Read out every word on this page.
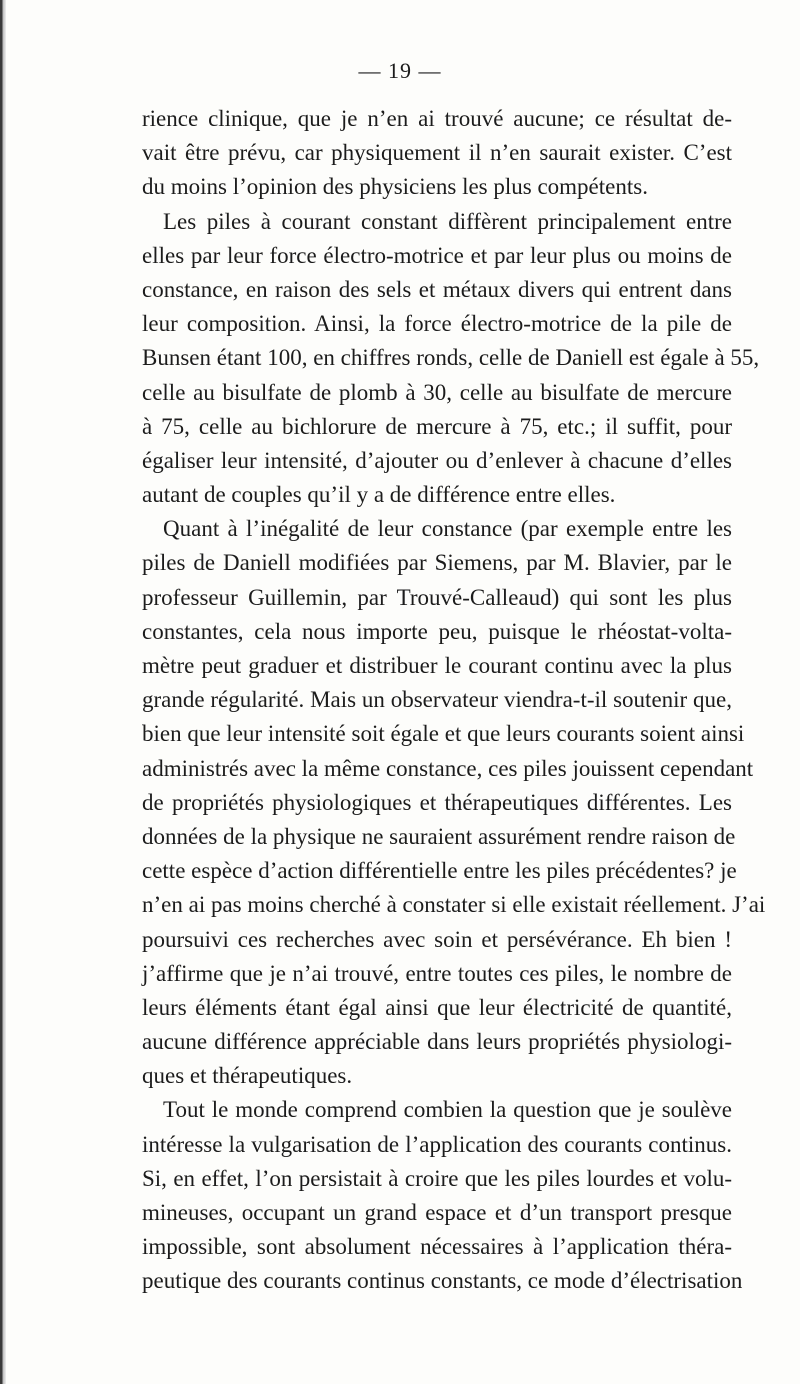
— 19 —
rience clinique, que je n’en ai trouvé aucune; ce résultat de-
vait être prévu, car physiquement il n’en saurait exister. C’est
du moins l’opinion des physiciens les plus compétents.
Les piles à courant constant diffèrent principalement entre
elles par leur force électro-motrice et par leur plus ou moins de
constance, en raison des sels et métaux divers qui entrent dans
leur composition. Ainsi, la force électro-motrice de la pile de
Bunsen étant 100, en chiffres ronds, celle de Daniell est égale à 55,
celle au bisulfate de plomb à 30, celle au bisulfate de mercure
à 75, celle au bichlorure de mercure à 75, etc.; il suffit, pour
égaliser leur intensité, d’ajouter ou d’enlever à chacune d’elles
autant de couples qu’il y a de différence entre elles.
Quant à l’inégalité de leur constance (par exemple entre les
piles de Daniell modifiées par Siemens, par M. Blavier, par le
professeur Guillemin, par Trouvé-Calleaud) qui sont les plus
constantes, cela nous importe peu, puisque le rhéostat-volta-
mètre peut graduer et distribuer le courant continu avec la plus
grande régularité. Mais un observateur viendra-t-il soutenir que,
bien que leur intensité soit égale et que leurs courants soient ainsi
administrés avec la même constance, ces piles jouissent cependant
de propriétés physiologiques et thérapeutiques différentes. Les
données de la physique ne sauraient assurément rendre raison de
cette espèce d’action différentielle entre les piles précédentes? je
n’en ai pas moins cherché à constater si elle existait réellement. J’ai
poursuivi ces recherches avec soin et persévérance. Eh bien !
j’affirme que je n’ai trouvé, entre toutes ces piles, le nombre de
leurs éléments étant égal ainsi que leur électricité de quantité,
aucune différence appréciable dans leurs propriétés physiologi-
ques et thérapeutiques.
Tout le monde comprend combien la question que je soulève
intéresse la vulgarisation de l’application des courants continus.
Si, en effet, l’on persistait à croire que les piles lourdes et volu-
mineuses, occupant un grand espace et d’un transport presque
impossible, sont absolument nécessaires à l’application théra-
peutique des courants continus constants, ce mode d’électrisation
